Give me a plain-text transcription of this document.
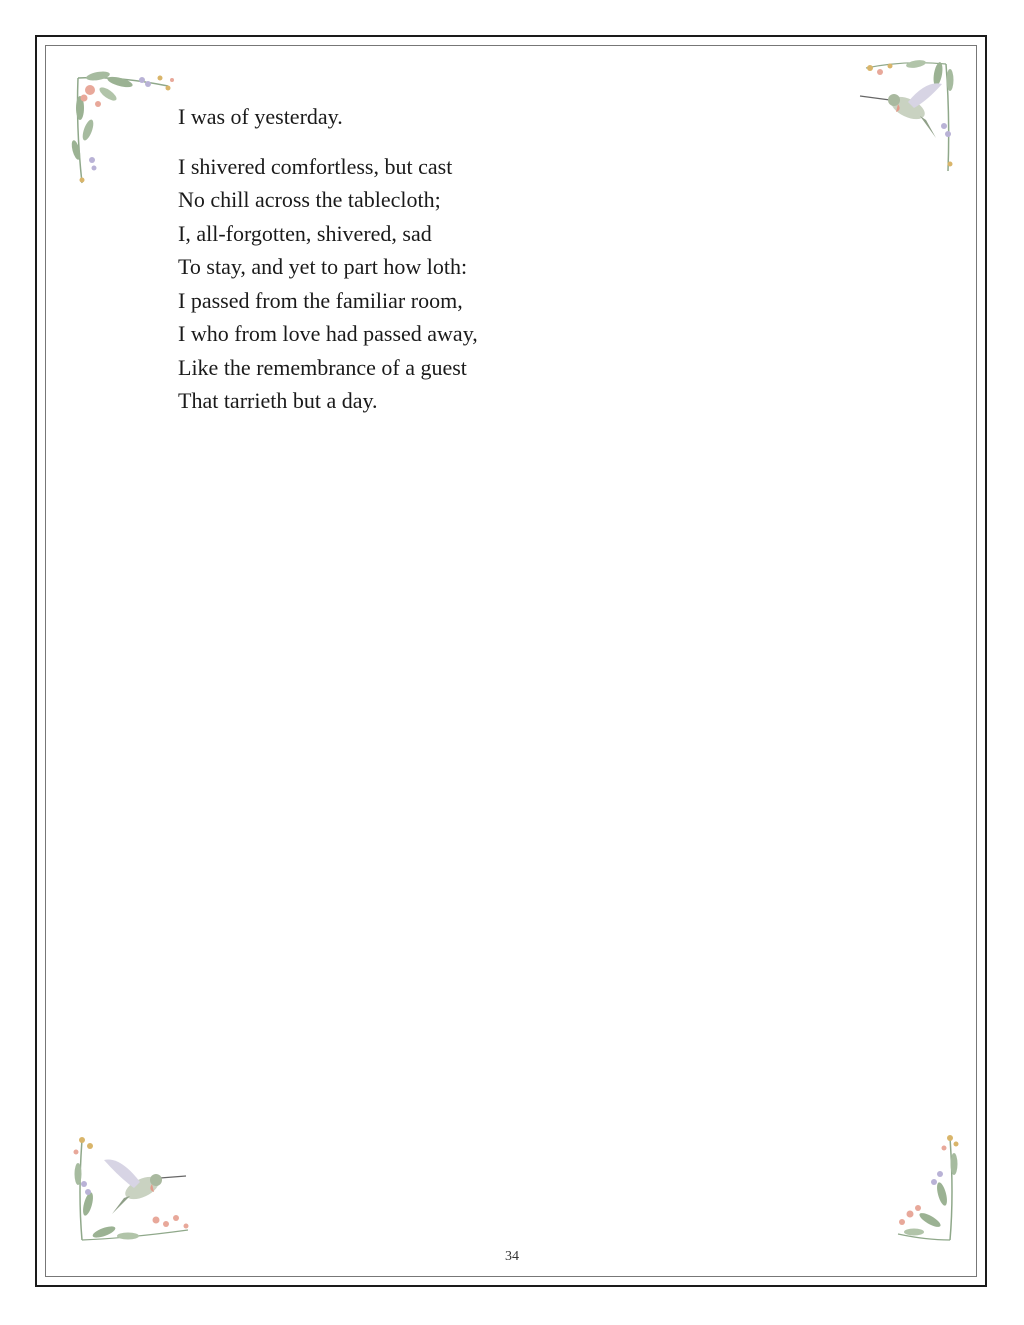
I was of yesterday.
I shivered comfortless, but cast
No chill across the tablecloth;
I, all-forgotten, shivered, sad
To stay, and yet to part how loth:
I passed from the familiar room,
I who from love had passed away,
Like the remembrance of a guest
That tarrieth but a day.
34
